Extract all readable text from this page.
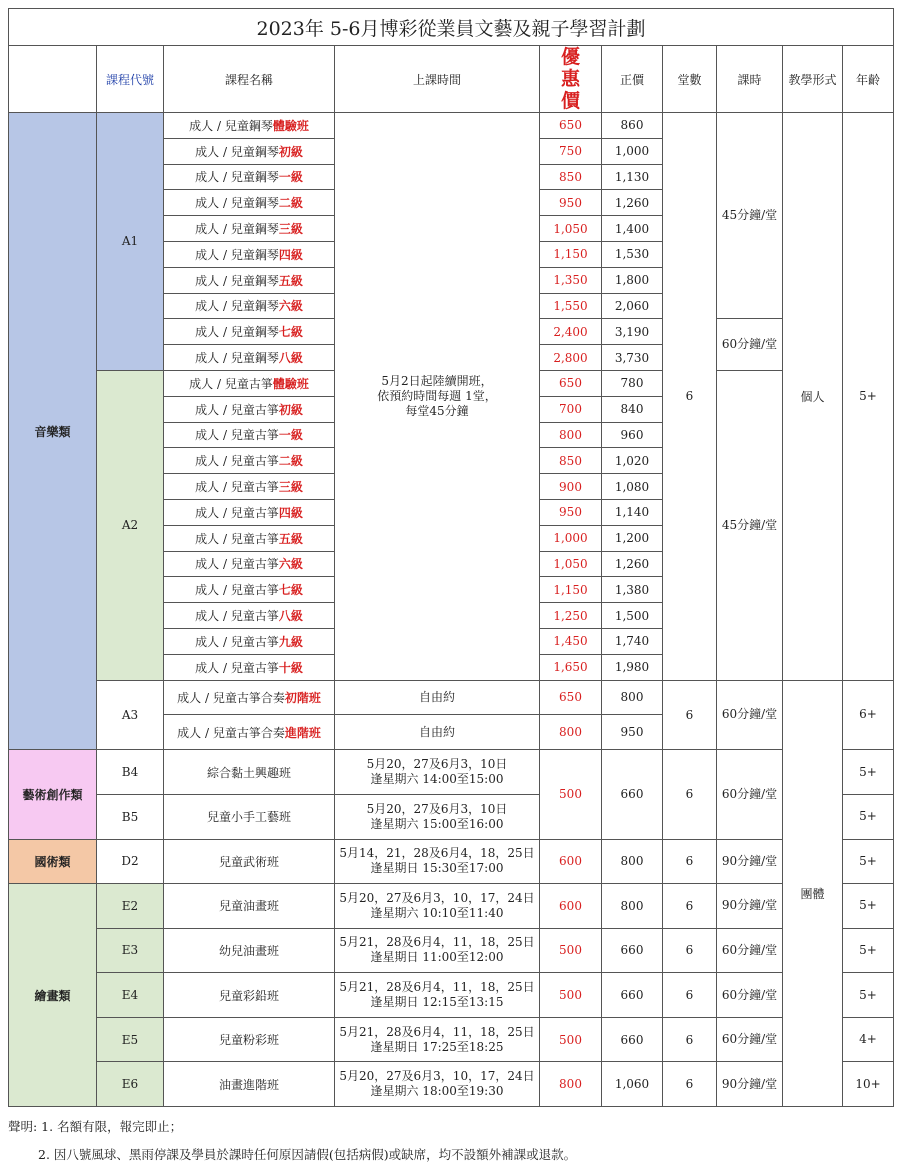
2023年 5-6月博彩從業員文藝及親子學習計劃									
	課程代號	課程名稱	上課時間	優惠價	正價	堂數	課時	教學形式	年齡
音樂類	A1	成人 / 兒童鋼琴體驗班	5月2日起陸續開班，
依預約時間每週 1堂，
每堂45分鐘	650	860	6	45分鐘/堂	個人	5+
		成人 / 兒童鋼琴初級		750	1,000				
		成人 / 兒童鋼琴一級		850	1,130				
		成人 / 兒童鋼琴二級		950	1,260				
		成人 / 兒童鋼琴三級		1,050	1,400				
		成人 / 兒童鋼琴四級		1,150	1,530				
		成人 / 兒童鋼琴五級		1,350	1,800				
		成人 / 兒童鋼琴六級		1,550	2,060				
		成人 / 兒童鋼琴七級		2,400	3,190		60分鐘/堂		
		成人 / 兒童鋼琴八級		2,800	3,730				
	A2	成人 / 兒童古箏體驗班		650	780		45分鐘/堂		
		成人 / 兒童古箏初級		700	840				
		成人 / 兒童古箏一級		800	960				
		成人 / 兒童古箏二級		850	1,020				
		成人 / 兒童古箏三級		900	1,080				
		成人 / 兒童古箏四級		950	1,140				
		成人 / 兒童古箏五級		1,000	1,200				
		成人 / 兒童古箏六級		1,050	1,260				
		成人 / 兒童古箏七級		1,150	1,380				
		成人 / 兒童古箏八級		1,250	1,500				
		成人 / 兒童古箏九級		1,450	1,740				
		成人 / 兒童古箏十級		1,650	1,980				
	A3	成人 / 兒童古箏合奏初階班	自由約	650	800	6	60分鐘/堂	團體	6+
		成人 / 兒童古箏合奏進階班	自由約	800	950				
藝術創作類	B4	綜合黏土興趣班	5月20，27及6月3，10日
逢星期六 14:00至15:00	500	660	6	60分鐘/堂		5+
	B5	兒童小手工藝班	5月20，27及6月3，10日
逢星期六 15:00至16:00						5+
國術類	D2	兒童武術班	5月14，21，28及6月4，18，25日
逢星期日 15:30至17:00	600	800	6	90分鐘/堂		5+
繪畫類	E2	兒童油畫班	5月20，27及6月3，10，17，24日
逢星期六 10:10至11:40	600	800	6	90分鐘/堂		5+
	E3	幼兒油畫班	5月21，28及6月4，11，18，25日
逢星期日 11:00至12:00	500	660	6	60分鐘/堂		5+
	E4	兒童彩鉛班	5月21，28及6月4，11，18，25日
逢星期日 12:15至13:15	500	660	6	60分鐘/堂		5+
	E5	兒童粉彩班	5月21，28及6月4，11，18，25日
逢星期日 17:25至18:25	500	660	6	60分鐘/堂		4+
	E6	油畫進階班	5月20，27及6月3，10，17，24日
逢星期六 18:00至19:30	800	1,060	6	90分鐘/堂		10+
聲明: 1. 名額有限，報完即止；
2. 因八號風球、黑雨停課及學員於課時任何原因請假(包括病假)或缺席，均不設額外補課或退款。
